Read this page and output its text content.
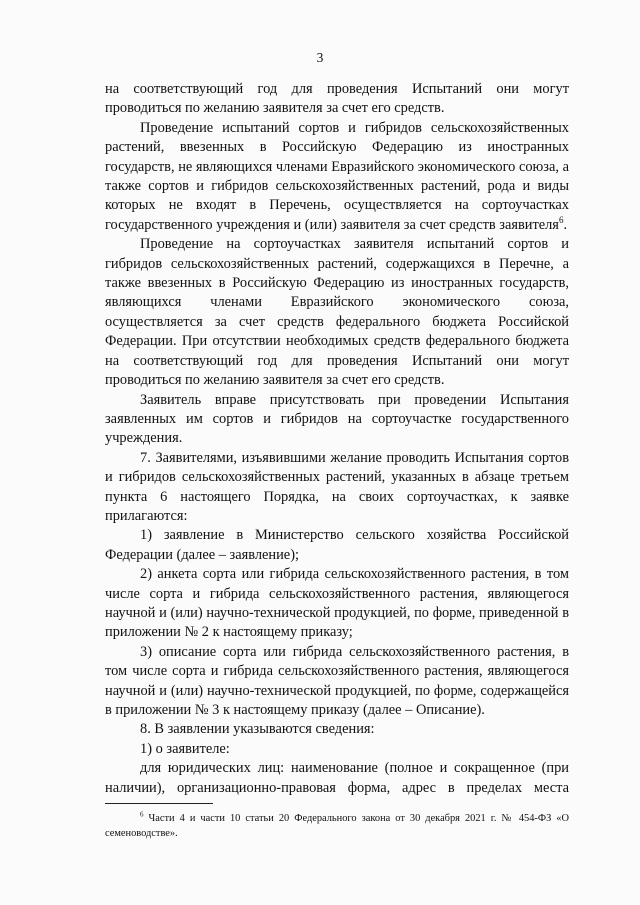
3

на соответствующий год для проведения Испытаний они могут проводиться по желанию заявителя за счет его средств.

Проведение испытаний сортов и гибридов сельскохозяйственных растений, ввезенных в Российскую Федерацию из иностранных государств, не являющихся членами Евразийского экономического союза, а также сортов и гибридов сельскохозяйственных растений, рода и виды которых не входят в Перечень, осуществляется на сортоучастках государственного учреждения и (или) заявителя за счет средств заявителя$^6$.

Проведение на сортоучастках заявителя испытаний сортов и гибридов сельскохозяйственных растений, содержащихся в Перечне, а также ввезенных в Российскую Федерацию из иностранных государств, являющихся членами Евразийского экономического союза, осуществляется за счет средств федерального бюджета Российской Федерации. При отсутствии необходимых средств федерального бюджета на соответствующий год для проведения Испытаний они могут проводиться по желанию заявителя за счет его средств.

Заявитель вправе присутствовать при проведении Испытания заявленных им сортов и гибридов на сортоучастке государственного учреждения.

7. Заявителями, изъявившими желание проводить Испытания сортов и гибридов сельскохозяйственных растений, указанных в абзаце третьем пункта 6 настоящего Порядка, на своих сортоучастках, к заявке прилагаются:

1) заявление в Министерство сельского хозяйства Российской Федерации (далее – заявление);

2) анкета сорта или гибрида сельскохозяйственного растения, в том числе сорта и гибрида сельскохозяйственного растения, являющегося научной и (или) научно-технической продукцией, по форме, приведенной в приложении № 2 к настоящему приказу;

3) описание сорта или гибрида сельскохозяйственного растения, в том числе сорта и гибрида сельскохозяйственного растения, являющегося научной и (или) научно-технической продукцией, по форме, содержащейся в приложении № 3 к настоящему приказу (далее – Описание).

8. В заявлении указываются сведения:

1) о заявителе:

для юридических лиц: наименование (полное и сокращенное (при наличии), организационно-правовая форма, адрес в пределах места

$^6$ Части 4 и части 10 статьи 20 Федерального закона от 30 декабря 2021 г. № 454-ФЗ «О семеноводстве».
